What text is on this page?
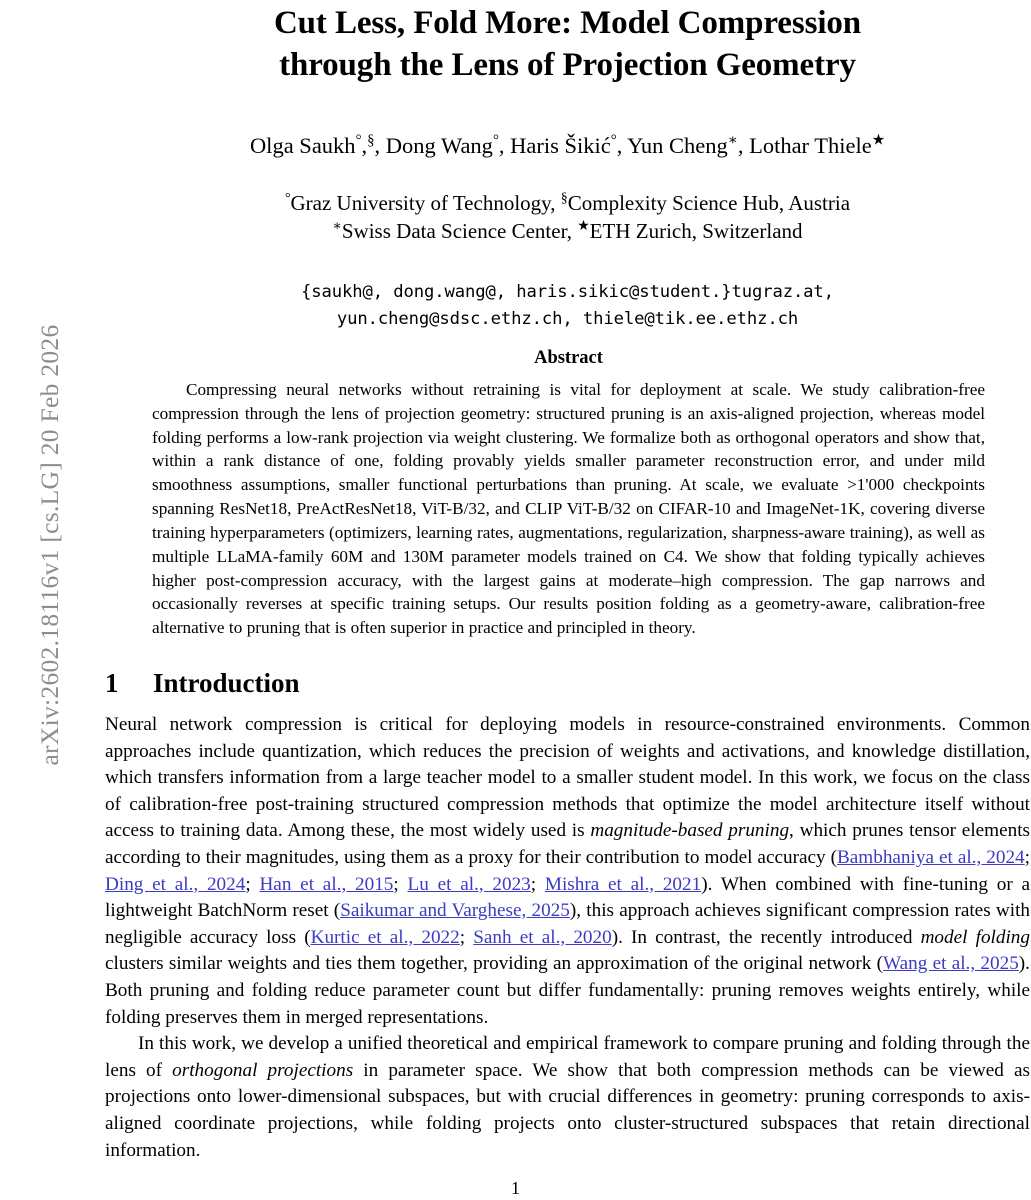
arXiv:2602.18116v1 [cs.LG] 20 Feb 2026
Cut Less, Fold More: Model Compression
through the Lens of Projection Geometry
Olga Saukh°,§, Dong Wang°, Haris Šikić°, Yun Cheng∗, Lothar Thiele★
°Graz University of Technology, §Complexity Science Hub, Austria
∗Swiss Data Science Center, ★ETH Zurich, Switzerland
{saukh@, dong.wang@, haris.sikic@student.}tugraz.at,
yun.cheng@sdsc.ethz.ch, thiele@tik.ee.ethz.ch
Abstract

Compressing neural networks without retraining is vital for deployment at scale. We study calibration-free compression through the lens of projection geometry: structured pruning is an axis-aligned projection, whereas model folding performs a low-rank projection via weight clustering. We formalize both as orthogonal operators and show that, within a rank distance of one, folding provably yields smaller parameter reconstruction error, and under mild smoothness assumptions, smaller functional perturbations than pruning. At scale, we evaluate >1'000 checkpoints spanning ResNet18, PreActResNet18, ViT-B/32, and CLIP ViT-B/32 on CIFAR-10 and ImageNet-1K, covering diverse training hyperparameters (optimizers, learning rates, augmentations, regularization, sharpness-aware training), as well as multiple LLaMA-family 60M and 130M parameter models trained on C4. We show that folding typically achieves higher post-compression accuracy, with the largest gains at moderate–high compression. The gap narrows and occasionally reverses at specific training setups. Our results position folding as a geometry-aware, calibration-free alternative to pruning that is often superior in practice and principled in theory.

1 Introduction

Neural network compression is critical for deploying models in resource-constrained environments. Common approaches include quantization, which reduces the precision of weights and activations, and knowledge distillation, which transfers information from a large teacher model to a smaller student model. In this work, we focus on the class of calibration-free post-training structured compression methods that optimize the model architecture itself without access to training data. Among these, the most widely used is magnitude-based pruning, which prunes tensor elements according to their magnitudes, using them as a proxy for their contribution to model accuracy (Bambhaniya et al., 2024; Ding et al., 2024; Han et al., 2015; Lu et al., 2023; Mishra et al., 2021). When combined with fine-tuning or a lightweight BatchNorm reset (Saikumar and Varghese, 2025), this approach achieves significant compression rates with negligible accuracy loss (Kurtic et al., 2022; Sanh et al., 2020). In contrast, the recently introduced model folding clusters similar weights and ties them together, providing an approximation of the original network (Wang et al., 2025). Both pruning and folding reduce parameter count but differ fundamentally: pruning removes weights entirely, while folding preserves them in merged representations.

In this work, we develop a unified theoretical and empirical framework to compare pruning and folding through the lens of orthogonal projections in parameter space. We show that both compression methods can be viewed as projections onto lower-dimensional subspaces, but with crucial differences in geometry: pruning corresponds to axis-aligned coordinate projections, while folding projects onto cluster-structured subspaces that retain directional information.

1
